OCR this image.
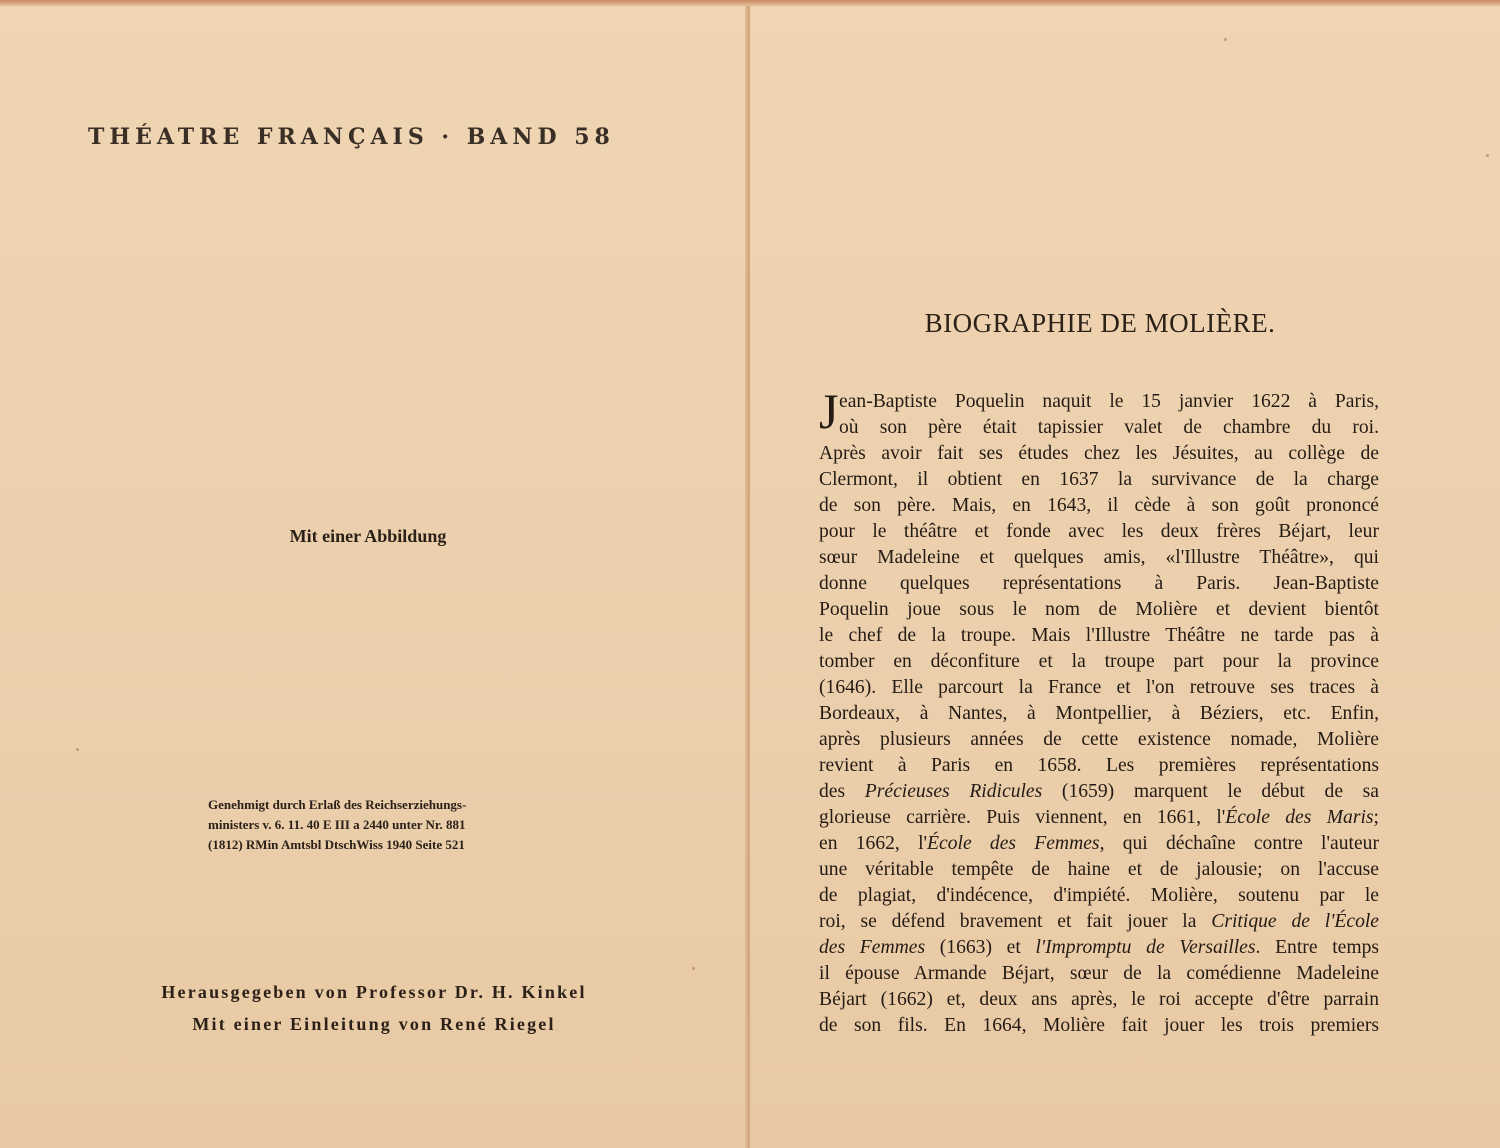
THÉATRE FRANÇAIS · BAND 58
Mit einer Abbildung
Genehmigt durch Erlaß des Reichserziehungs-
ministers v. 6. 11. 40 E III a 2440 unter Nr. 881
(1812) RMin Amtsbl DtschWiss 1940 Seite 521
Herausgegeben von Professor Dr. H. Kinkel
Mit einer Einleitung von René Riegel
BIOGRAPHIE DE MOLIÈRE.
J ean-Baptiste Poquelin naquit le 15 janvier 1622 à Paris,
où son père était tapissier valet de chambre du roi.
Après avoir fait ses études chez les Jésuites, au collège de
Clermont, il obtient en 1637 la survivance de la charge
de son père. Mais, en 1643, il cède à son goût prononcé
pour le théâtre et fonde avec les deux frères Béjart, leur
sœur Madeleine et quelques amis, «l'Illustre Théâtre», qui
donne quelques représentations à Paris. Jean-Baptiste
Poquelin joue sous le nom de Molière et devient bientôt
le chef de la troupe. Mais l'Illustre Théâtre ne tarde pas à
tomber en déconfiture et la troupe part pour la province
(1646). Elle parcourt la France et l'on retrouve ses traces à
Bordeaux, à Nantes, à Montpellier, à Béziers, etc. Enfin,
après plusieurs années de cette existence nomade, Molière
revient à Paris en 1658. Les premières représentations
des Précieuses Ridicules (1659) marquent le début de sa
glorieuse carrière. Puis viennent, en 1661, l'École des Maris;
en 1662, l'École des Femmes, qui déchaîne contre l'auteur
une véritable tempête de haine et de jalousie; on l'accuse
de plagiat, d'indécence, d'impiété. Molière, soutenu par le
roi, se défend bravement et fait jouer la Critique de l'École
des Femmes (1663) et l'Impromptu de Versailles. Entre temps
il épouse Armande Béjart, sœur de la comédienne Madeleine
Béjart (1662) et, deux ans après, le roi accepte d'être parrain
de son fils. En 1664, Molière fait jouer les trois premiers
